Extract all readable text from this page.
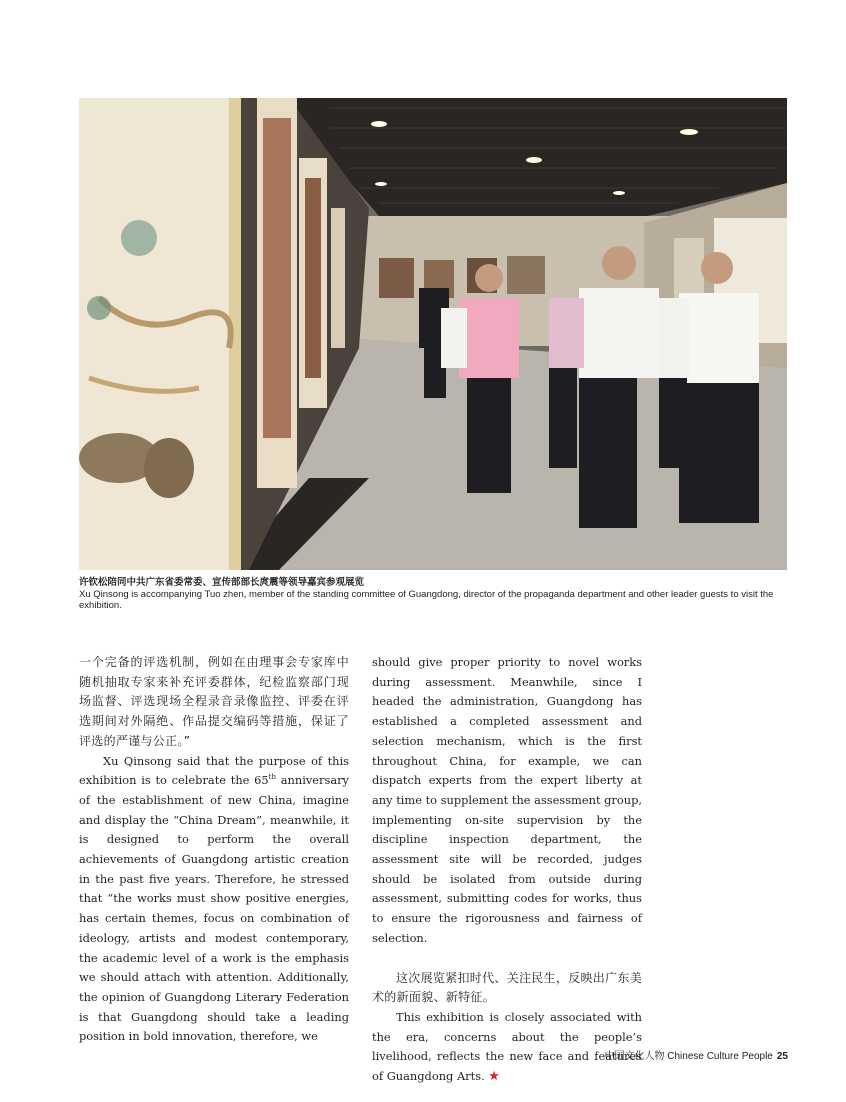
许钦松陪同中共广东省委常委、宣传部部长庹震等领导嘉宾参观展览
Xu Qinsong is accompanying Tuo zhen, member of the standing committee of Guangdong, director of the propaganda department and other leader guests to visit the exhibition.

一个完备的评选机制，例如在由理事会专家库中随机抽取专家来补充评委群体，纪检监察部门现场监督、评选现场全程录音录像监控、评委在评选期间对外隔绝、作品提交编码等措施，保证了评选的严谨与公正。”

Xu Qinsong said that the purpose of this exhibition is to celebrate the 65th anniversary of the establishment of new China, imagine and display the “China Dream”, meanwhile, it is designed to perform the overall achievements of Guangdong artistic creation in the past five years. Therefore, he stressed that “the works must show positive energies, has certain themes, focus on combination of ideology, artists and modest contemporary, the academic level of a work is the emphasis we should attach with attention. Additionally, the opinion of Guangdong Literary Federation is that Guangdong should take a leading position in bold innovation, therefore, we

should give proper priority to novel works during assessment. Meanwhile, since I headed the administration, Guangdong has established a completed assessment and selection mechanism, which is the first throughout China, for example, we can dispatch experts from the expert liberty at any time to supplement the assessment group, implementing on-site supervision by the discipline inspection department, the assessment site will be recorded, judges should be isolated from outside during assessment, submitting codes for works, thus to ensure the rigorousness and fairness of selection.

这次展览紧扣时代、关注民生，反映出广东美术的新面貌、新特征。

This exhibition is closely associated with the era, concerns about the people’s livelihood, reflects the new face and features of Guangdong Arts. ★

中国文化人物 Chinese Culture People 25
